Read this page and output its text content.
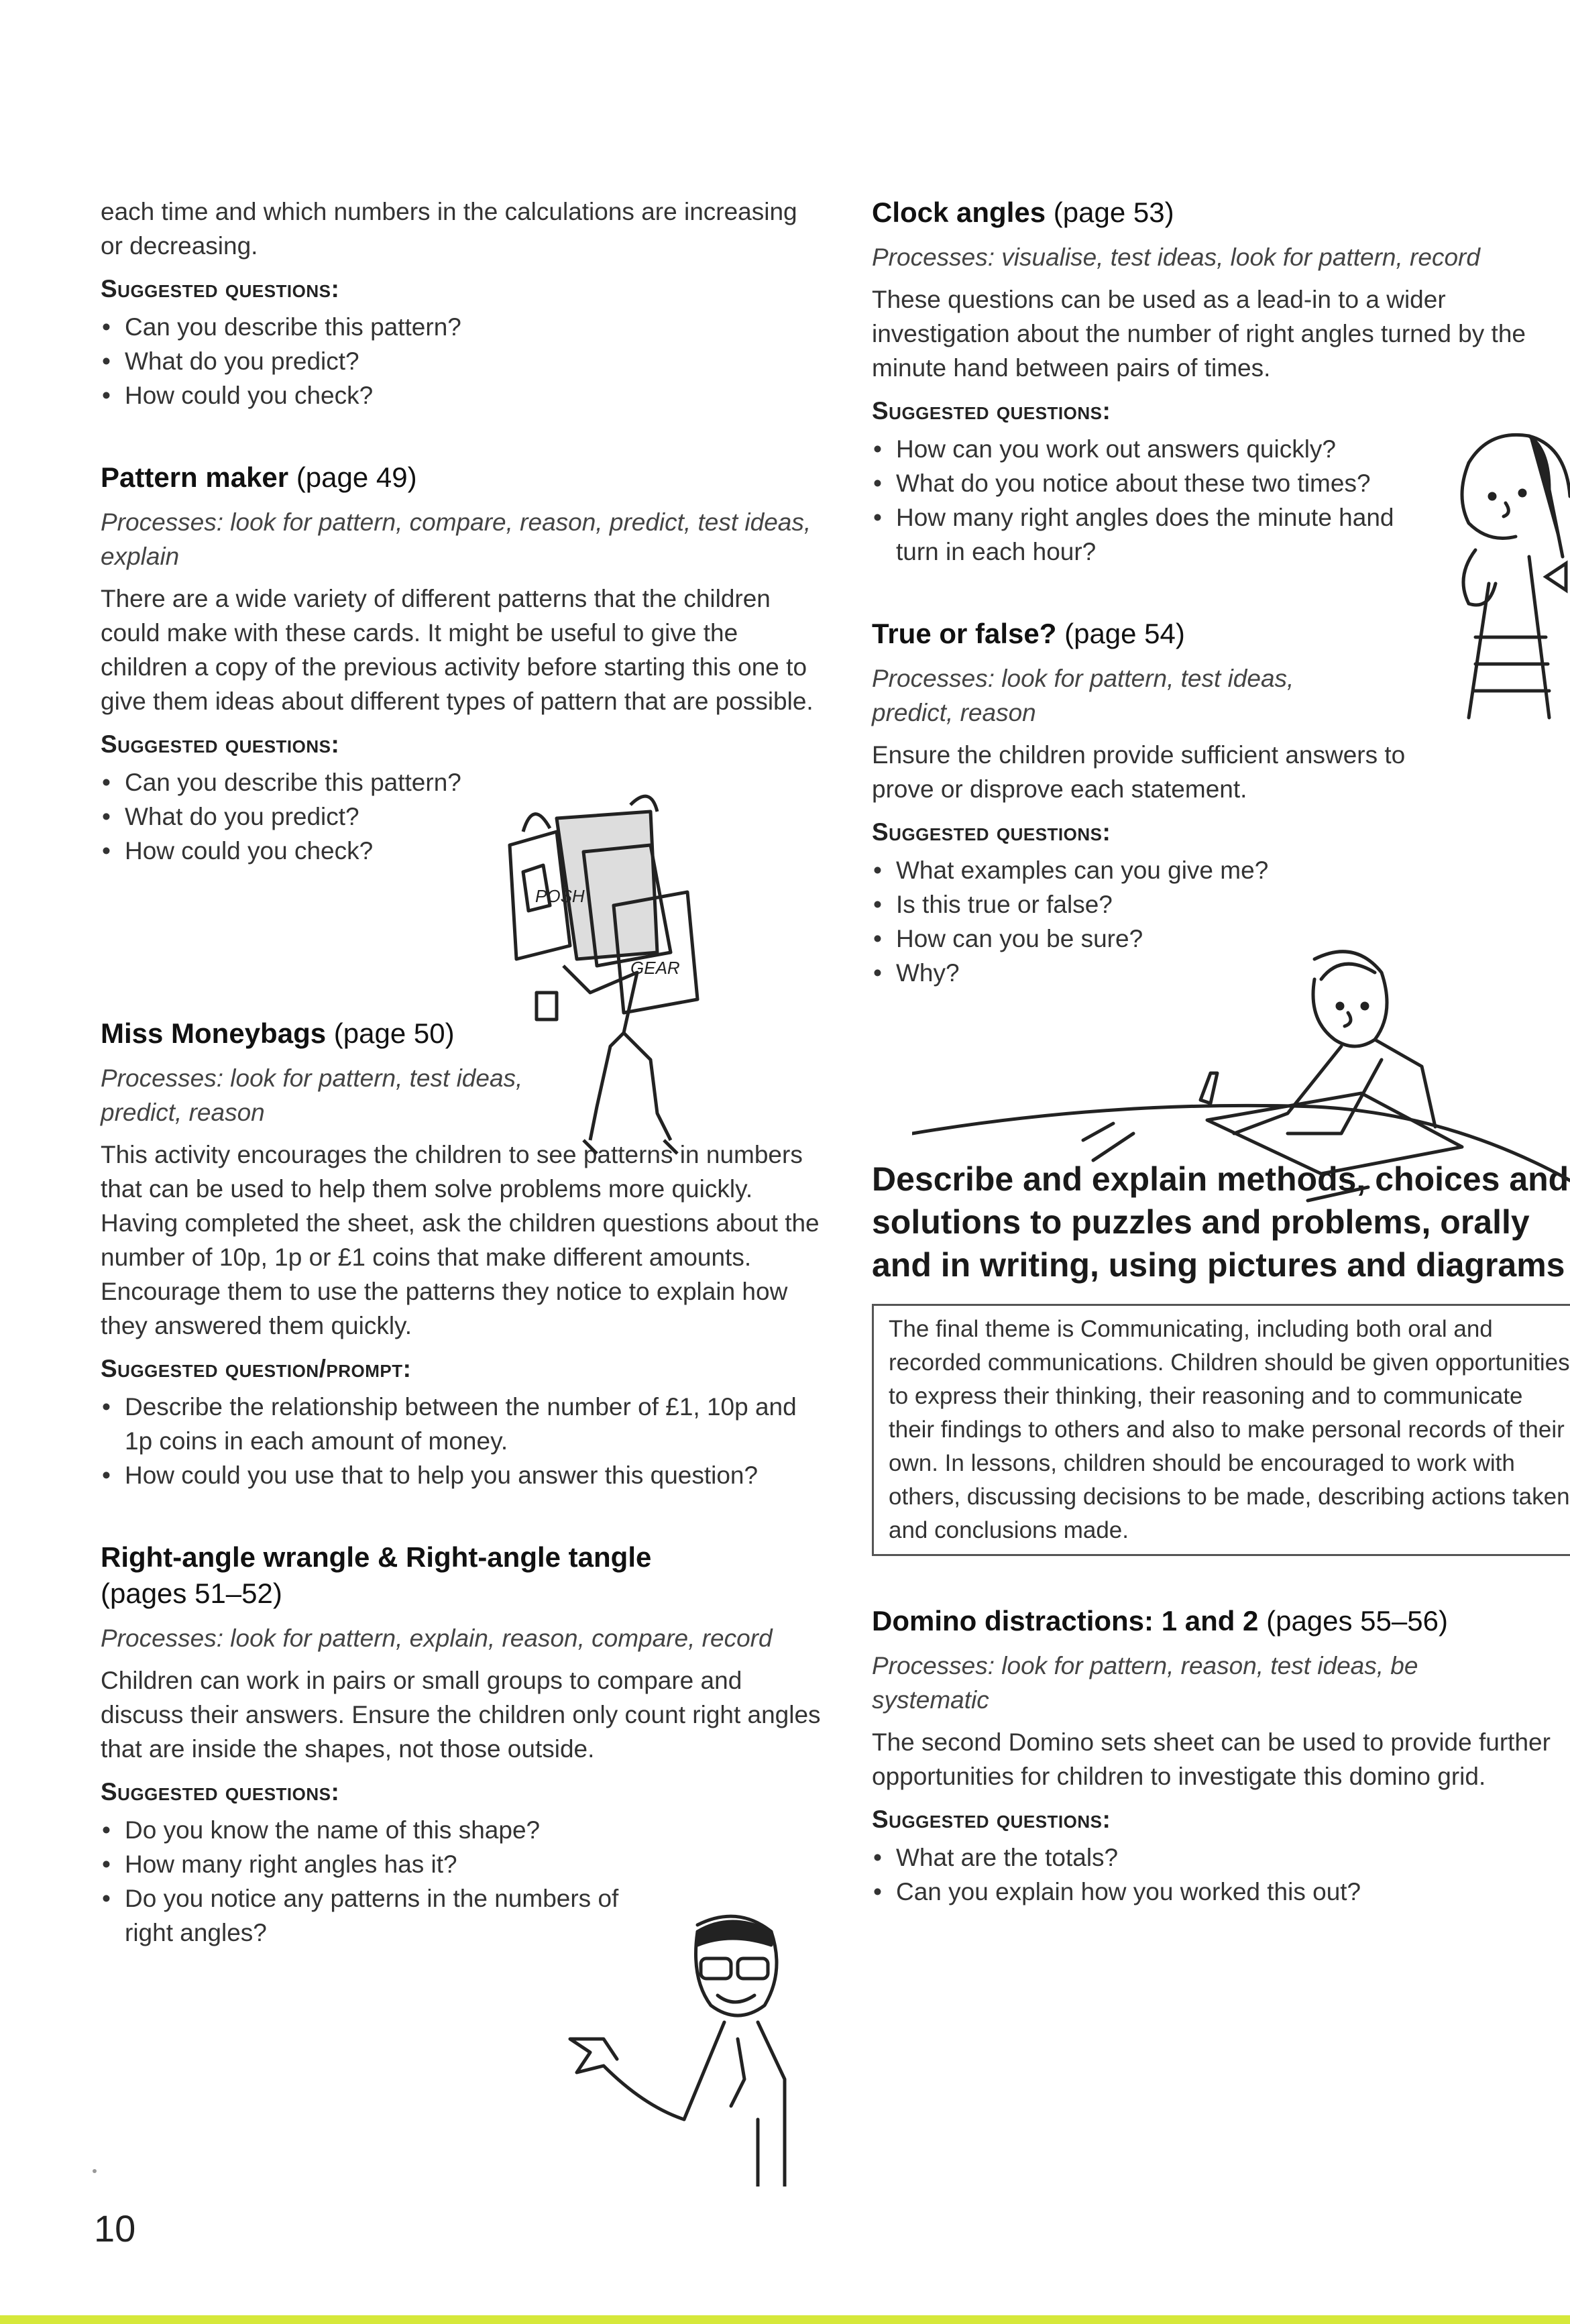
each time and which numbers in the calculations are increasing or decreasing.

Suggested questions:
• Can you describe this pattern?
• What do you predict?
• How could you check?
Pattern maker (page 49)

Processes: look for pattern, compare, reason, predict, test ideas, explain

There are a wide variety of different patterns that the children could make with these cards. It might be useful to give the children a copy of the previous activity before starting this one to give them ideas about different types of pattern that are possible.

Suggested questions:
• Can you describe this pattern?
• What do you predict?
• How could you check?
Miss Moneybags (page 50)

Processes: look for pattern, test ideas, predict, reason

This activity encourages the children to see patterns in numbers that can be used to help them solve problems more quickly. Having completed the sheet, ask the children questions about the number of 10p, 1p or £1 coins that make different amounts. Encourage them to use the patterns they notice to explain how they answered them quickly.

Suggested question/prompt:
• Describe the relationship between the number of £1, 10p and 1p coins in each amount of money.
• How could you use that to help you answer this question?
Right-angle wrangle & Right-angle tangle
(pages 51–52)

Processes: look for pattern, explain, reason, compare, record

Children can work in pairs or small groups to compare and discuss their answers. Ensure the children only count right angles that are inside the shapes, not those outside.

Suggested questions:
• Do you know the name of this shape?
• How many right angles has it?
• Do you notice any patterns in the numbers of right angles?
Clock angles (page 53)

Processes: visualise, test ideas, look for pattern, record

These questions can be used as a lead-in to a wider investigation about the number of right angles turned by the minute hand between pairs of times.

Suggested questions:
• How can you work out answers quickly?
• What do you notice about these two times?
• How many right angles does the minute hand turn in each hour?
True or false? (page 54)

Processes: look for pattern, test ideas, predict, reason

Ensure the children provide sufficient answers to prove or disprove each statement.

Suggested questions:
• What examples can you give me?
• Is this true or false?
• How can you be sure?
• Why?
Describe and explain methods, choices and solutions to puzzles and problems, orally and in writing, using pictures and diagrams
The final theme is Communicating, including both oral and recorded communications. Children should be given opportunities to express their thinking, their reasoning and to communicate their findings to others and also to make personal records of their own. In lessons, children should be encouraged to work with others, discussing decisions to be made, describing actions taken and conclusions made.
Domino distractions: 1 and 2 (pages 55–56)

Processes: look for pattern, reason, test ideas, be systematic

The second Domino sets sheet can be used to provide further opportunities for children to investigate this domino grid.

Suggested questions:
• What are the totals?
• Can you explain how you worked this out?
POSH
GEAR
10
